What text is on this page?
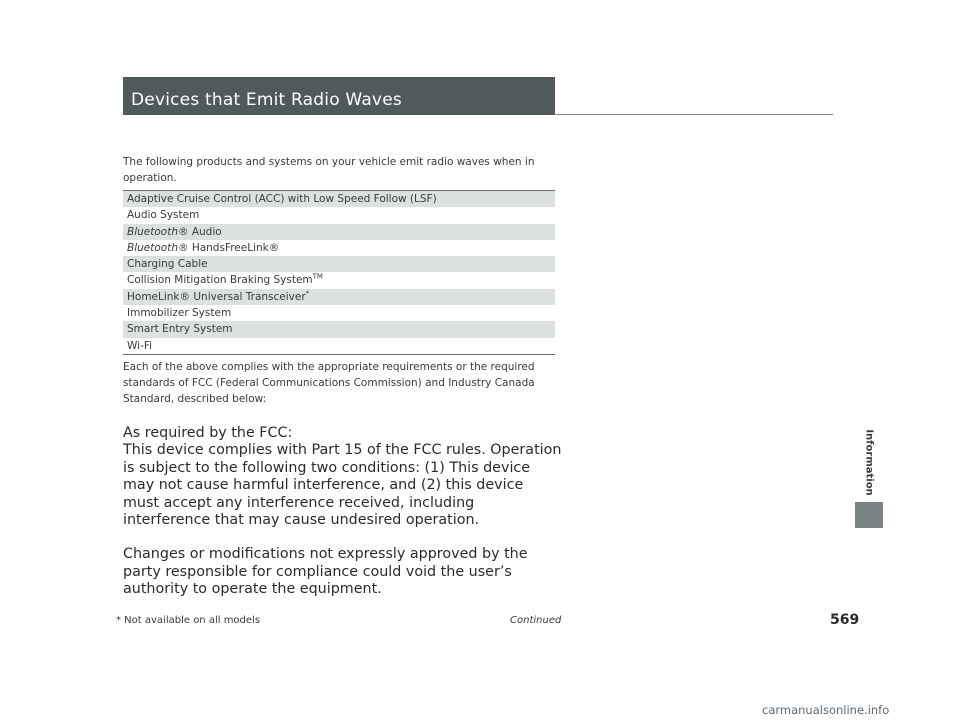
Devices that Emit Radio Waves

The following products and systems on your vehicle emit radio waves when in operation.

Adaptive Cruise Control (ACC) with Low Speed Follow (LSF)
Audio System
Bluetooth® Audio
Bluetooth® HandsFreeLink®
Charging Cable
Collision Mitigation Braking System™
HomeLink® Universal Transceiver*
Immobilizer System
Smart Entry System
Wi-Fi

Each of the above complies with the appropriate requirements or the required standards of FCC (Federal Communications Commission) and Industry Canada Standard, described below:

As required by the FCC:

This device complies with Part 15 of the FCC rules. Operation is subject to the following two conditions: (1) This device may not cause harmful interference, and (2) this device must accept any interference received, including interference that may cause undesired operation.

Changes or modifications not expressly approved by the party responsible for compliance could void the user’s authority to operate the equipment.

Information
* Not available on all models	Continued	569
carmanualsonline.info
